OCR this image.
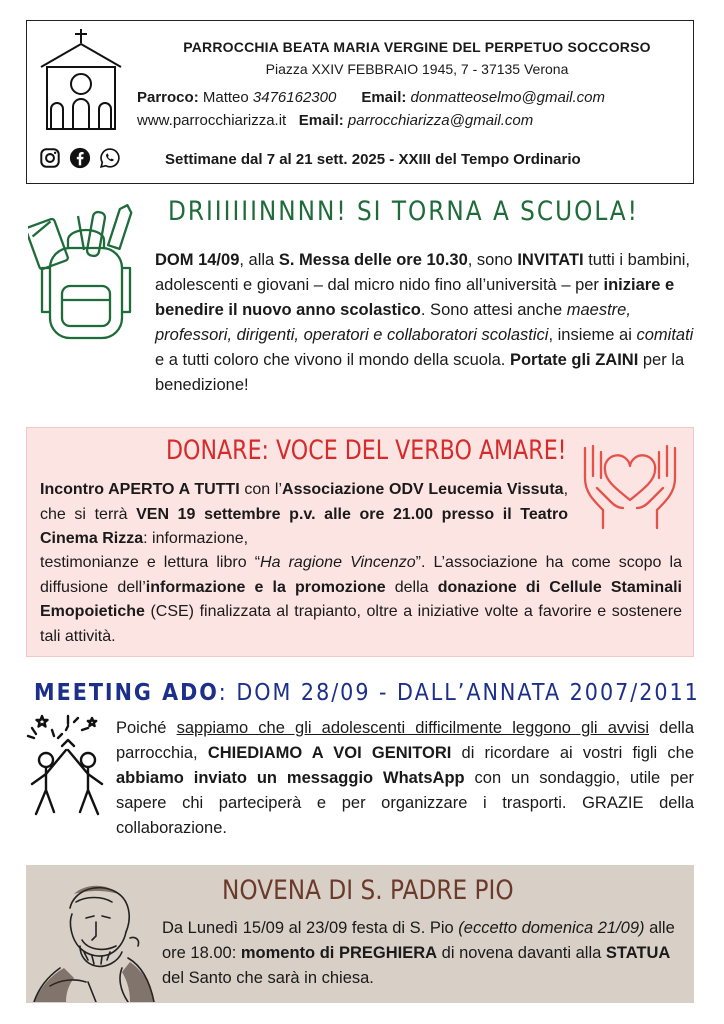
PARROCCHIA BEATA MARIA VERGINE DEL PERPETUO SOCCORSO
Piazza XXIV FEBBRAIO 1945, 7 - 37135 Verona
Parroco: Matteo 3476162300 Email: donmatteoselmo@gmail.com
www.parrocchiarizza.it Email: parrocchiarizza@gmail.com
Settimane dal 7 al 21 sett. 2025 - XXIII del Tempo Ordinario
DRIIIIIINNNN! SI TORNA A SCUOLA!
DOM 14/09, alla S. Messa delle ore 10.30, sono INVITATI tutti i bambini, adolescenti e giovani – dal micro nido fino all’università – per iniziare e benedire il nuovo anno scolastico. Sono attesi anche maestre, professori, dirigenti, operatori e collaboratori scolastici, insieme ai comitati e a tutti coloro che vivono il mondo della scuola. Portate gli ZAINI per la benedizione!
DONARE: VOCE DEL VERBO AMARE!
Incontro APERTO A TUTTI con l’Associazione ODV Leucemia Vissuta, che si terrà VEN 19 settembre p.v. alle ore 21.00 presso il Teatro Cinema Rizza: informazione,
testimonianze e lettura libro “Ha ragione Vincenzo”. L’associazione ha come scopo la diffusione dell’informazione e la promozione della donazione di Cellule Staminali Emopoietiche (CSE) finalizzata al trapianto, oltre a iniziative volte a favorire e sostenere tali attività.
MEETING ADO: DOM 28/09 - DALL’ANNATA 2007/2011
Poiché sappiamo che gli adolescenti difficilmente leggono gli avvisi della parrocchia, CHIEDIAMO A VOI GENITORI di ricordare ai vostri figli che abbiamo inviato un messaggio WhatsApp con un sondaggio, utile per sapere chi parteciperà e per organizzare i trasporti. GRAZIE della collaborazione.
NOVENA DI S. PADRE PIO
Da Lunedì 15/09 al 23/09 festa di S. Pio (eccetto domenica 21/09) alle ore 18.00: momento di PREGHIERA di novena davanti alla STATUA del Santo che sarà in chiesa.
